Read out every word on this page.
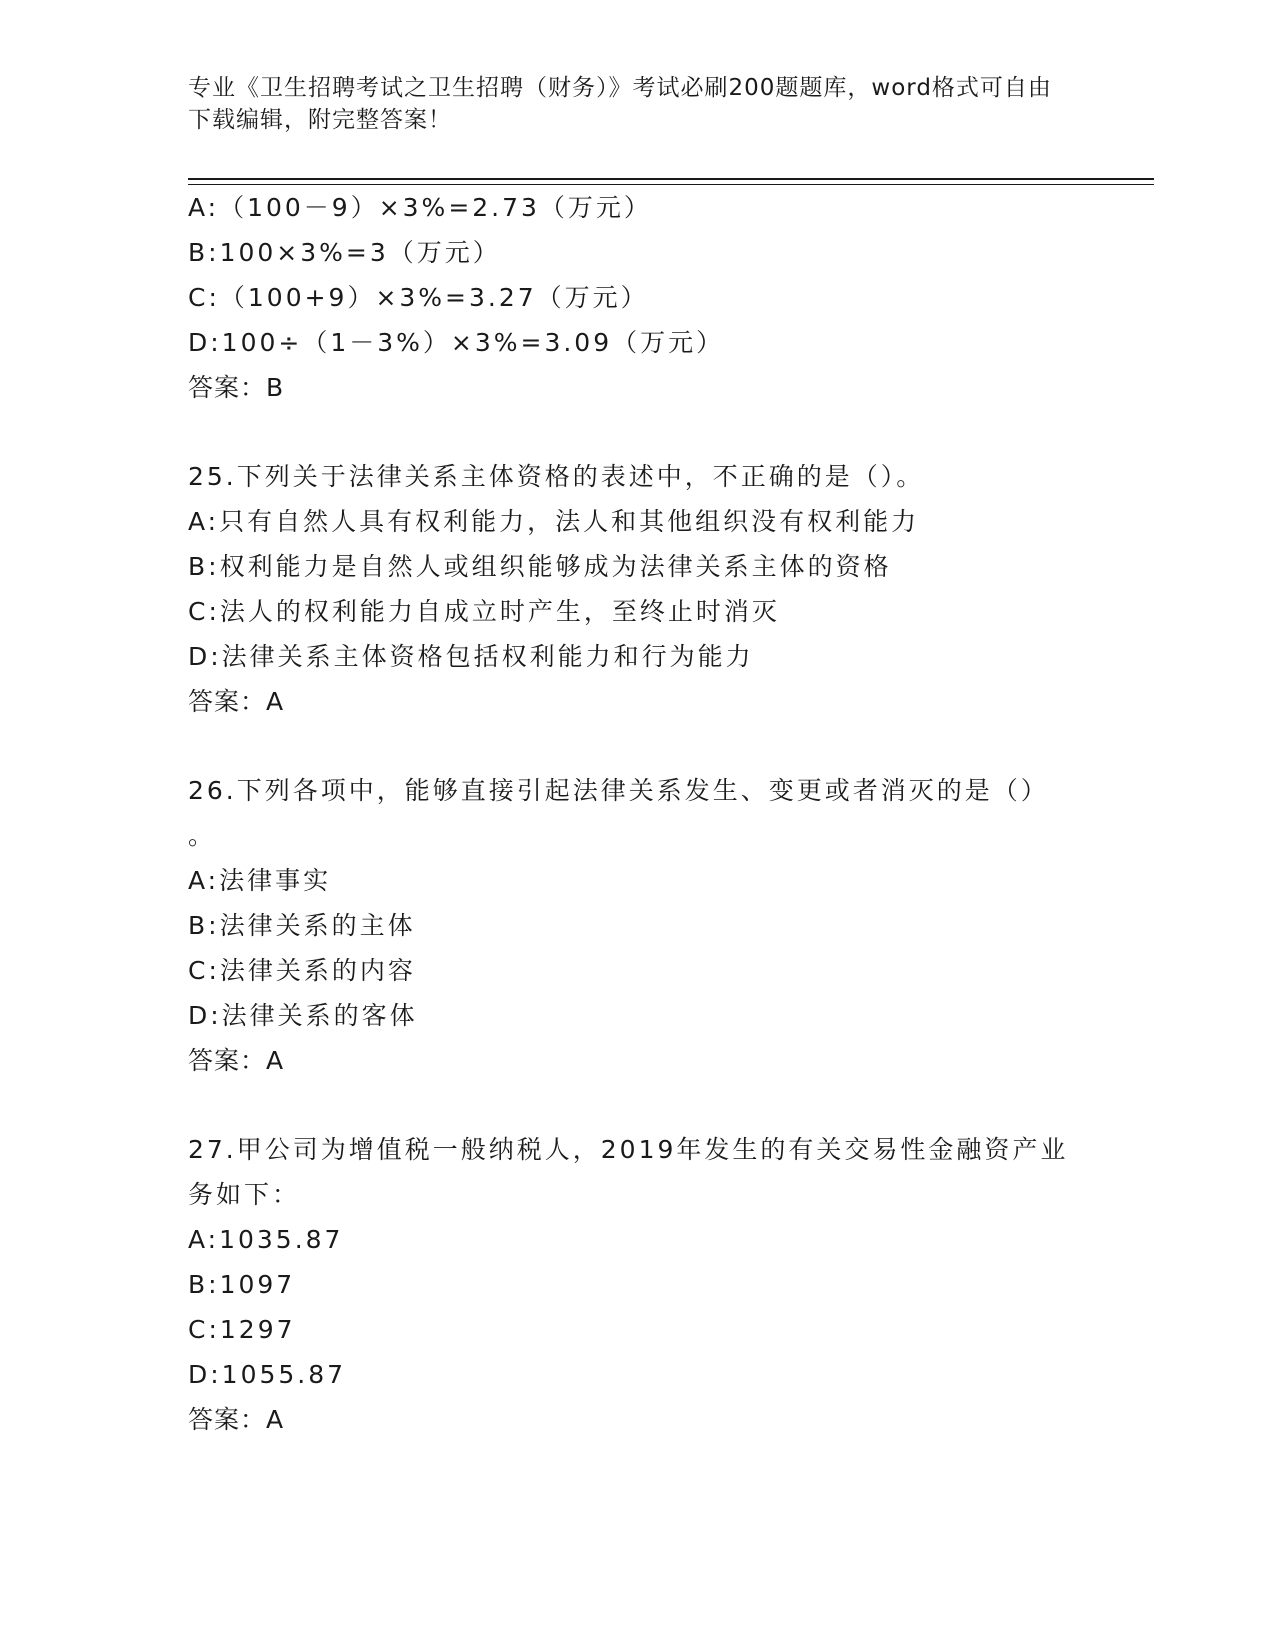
专业《卫生招聘考试之卫生招聘（财务）》考试必刷200题题库，word格式可自由下载编辑，附完整答案！

A:（100－9）×3%=2.73（万元）

B:100×3%=3（万元）

C:（100+9）×3%=3.27（万元）

D:100÷（1－3%）×3%=3.09（万元）

答案：B

25.下列关于法律关系主体资格的表述中，不正确的是（）。

A:只有自然人具有权利能力，法人和其他组织没有权利能力

B:权利能力是自然人或组织能够成为法律关系主体的资格

C:法人的权利能力自成立时产生，至终止时消灭

D:法律关系主体资格包括权利能力和行为能力

答案：A

26.下列各项中，能够直接引起法律关系发生、变更或者消灭的是（）

。

A:法律事实

B:法律关系的主体

C:法律关系的内容

D:法律关系的客体

答案：A

27.甲公司为增值税一般纳税人，2019年发生的有关交易性金融资产业

务如下：

A:1035.87

B:1097

C:1297

D:1055.87

答案：A
